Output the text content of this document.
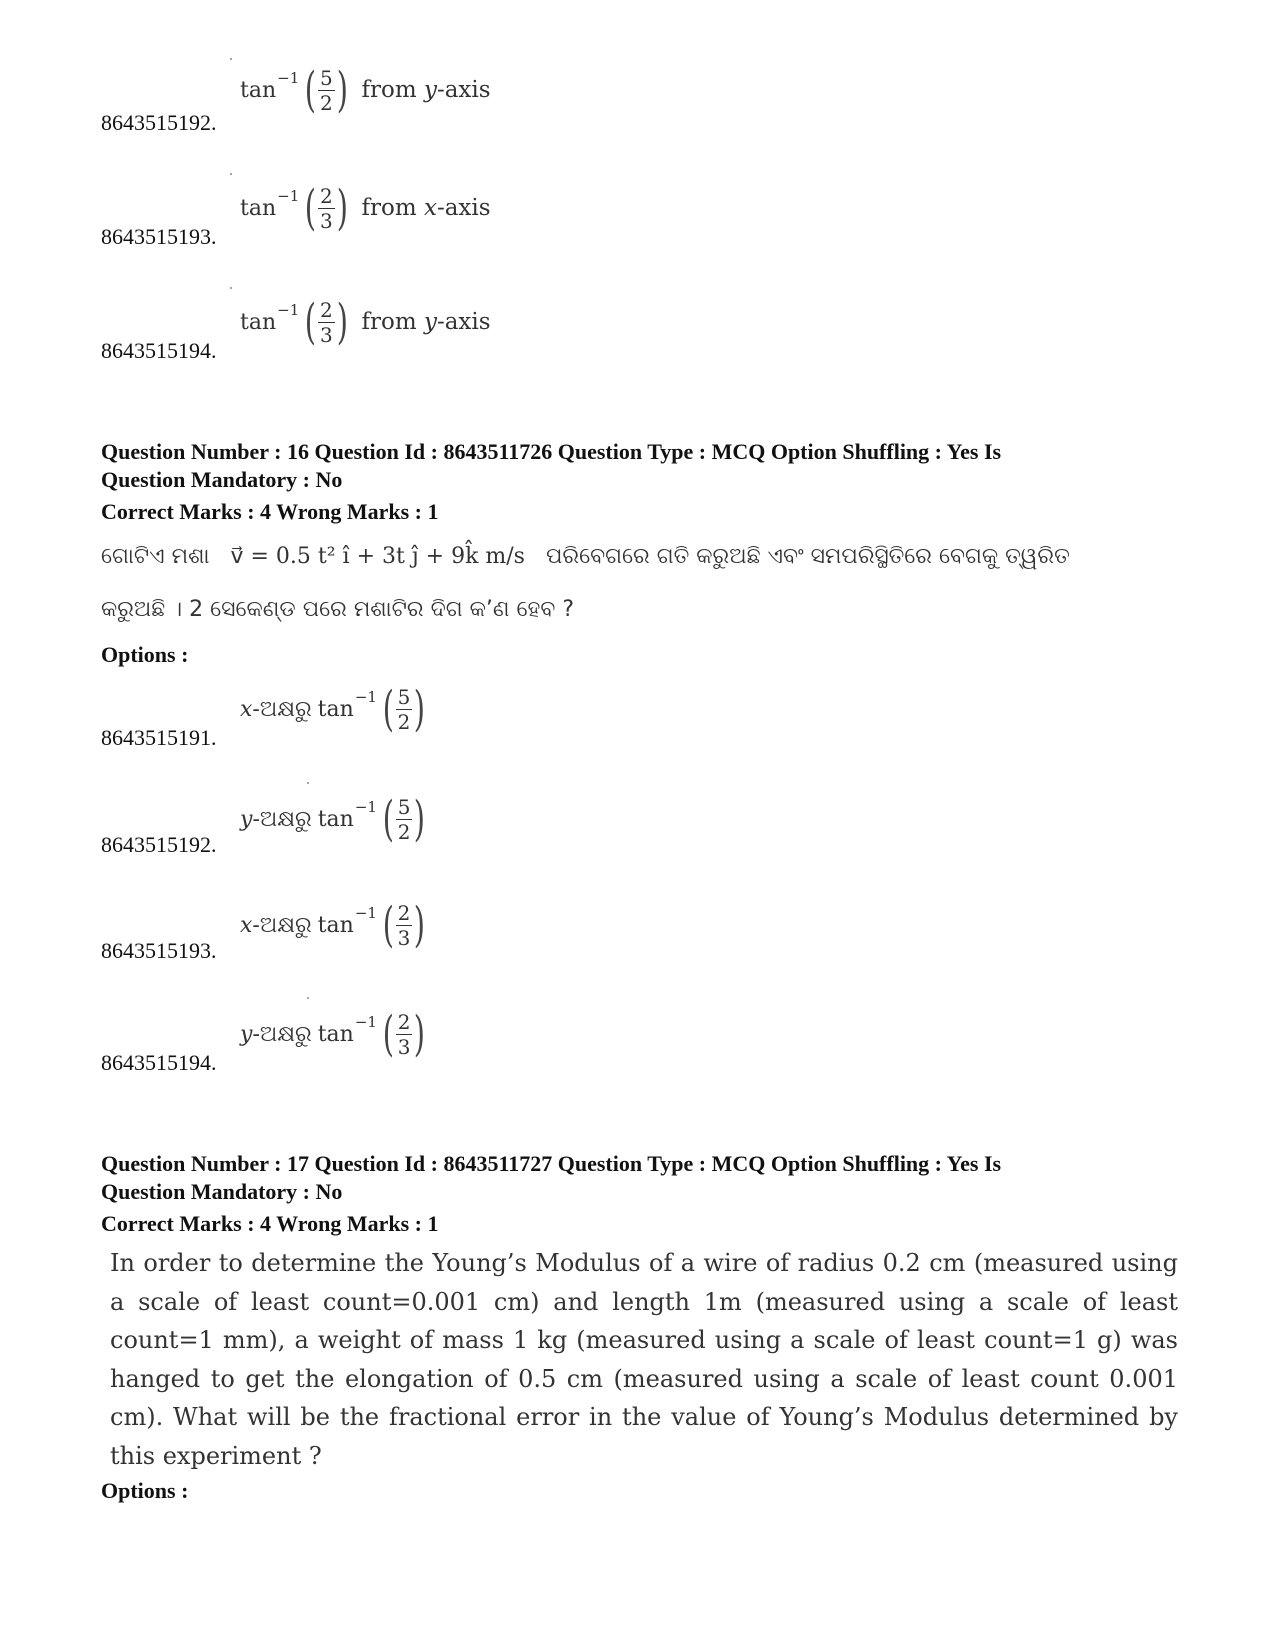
tan −1 ( $\frac{5}{2}$ ) from y-axis
8643515192.
tan −1 ( $\frac{2}{3}$ ) from x-axis
8643515193.
tan −1 ( $\frac{2}{3}$ ) from y-axis
8643515194.
Question Number : 16 Question Id : 8643511726 Question Type : MCQ Option Shuffling : Yes Is
Question Mandatory : No
Correct Marks : 4 Wrong Marks : 1
ଗୋଟିଏ ମଶା v⃗ = 0.5 t² î + 3t ĵ + 9k̂ m/s ପରିବେଗରେ ଗତି କରୁଅଛି ଏବଂ ସମପରିସ୍ଥିତିରେ ବେଗକୁ ତ୍ୱରିତ
କରୁଅଛି । 2 ସେକେଣ୍ଡ ପରେ ମଶାଟିର ଦିଗ କ’ଣ ହେବ ?
Options :
x -ଅକ୍ଷରୁ tan −1 ( $\frac{5}{2}$ )
8643515191.
y -ଅକ୍ଷରୁ tan −1 ( $\frac{5}{2}$ )
8643515192.
x -ଅକ୍ଷରୁ tan −1 ( $\frac{2}{3}$ )
8643515193.
y -ଅକ୍ଷରୁ tan −1 ( $\frac{2}{3}$ )
8643515194.
Question Number : 17 Question Id : 8643511727 Question Type : MCQ Option Shuffling : Yes Is
Question Mandatory : No
Correct Marks : 4 Wrong Marks : 1
In order to determine the Young’s Modulus of a wire of radius 0.2 cm (measured using a scale of least count=0.001 cm) and length 1m (measured using a scale of least count=1 mm), a weight of mass 1 kg (measured using a scale of least count=1 g) was hanged to get the elongation of 0.5 cm (measured using a scale of least count 0.001 cm). What will be the fractional error in the value of Young’s Modulus determined by this experiment ?
Options :
